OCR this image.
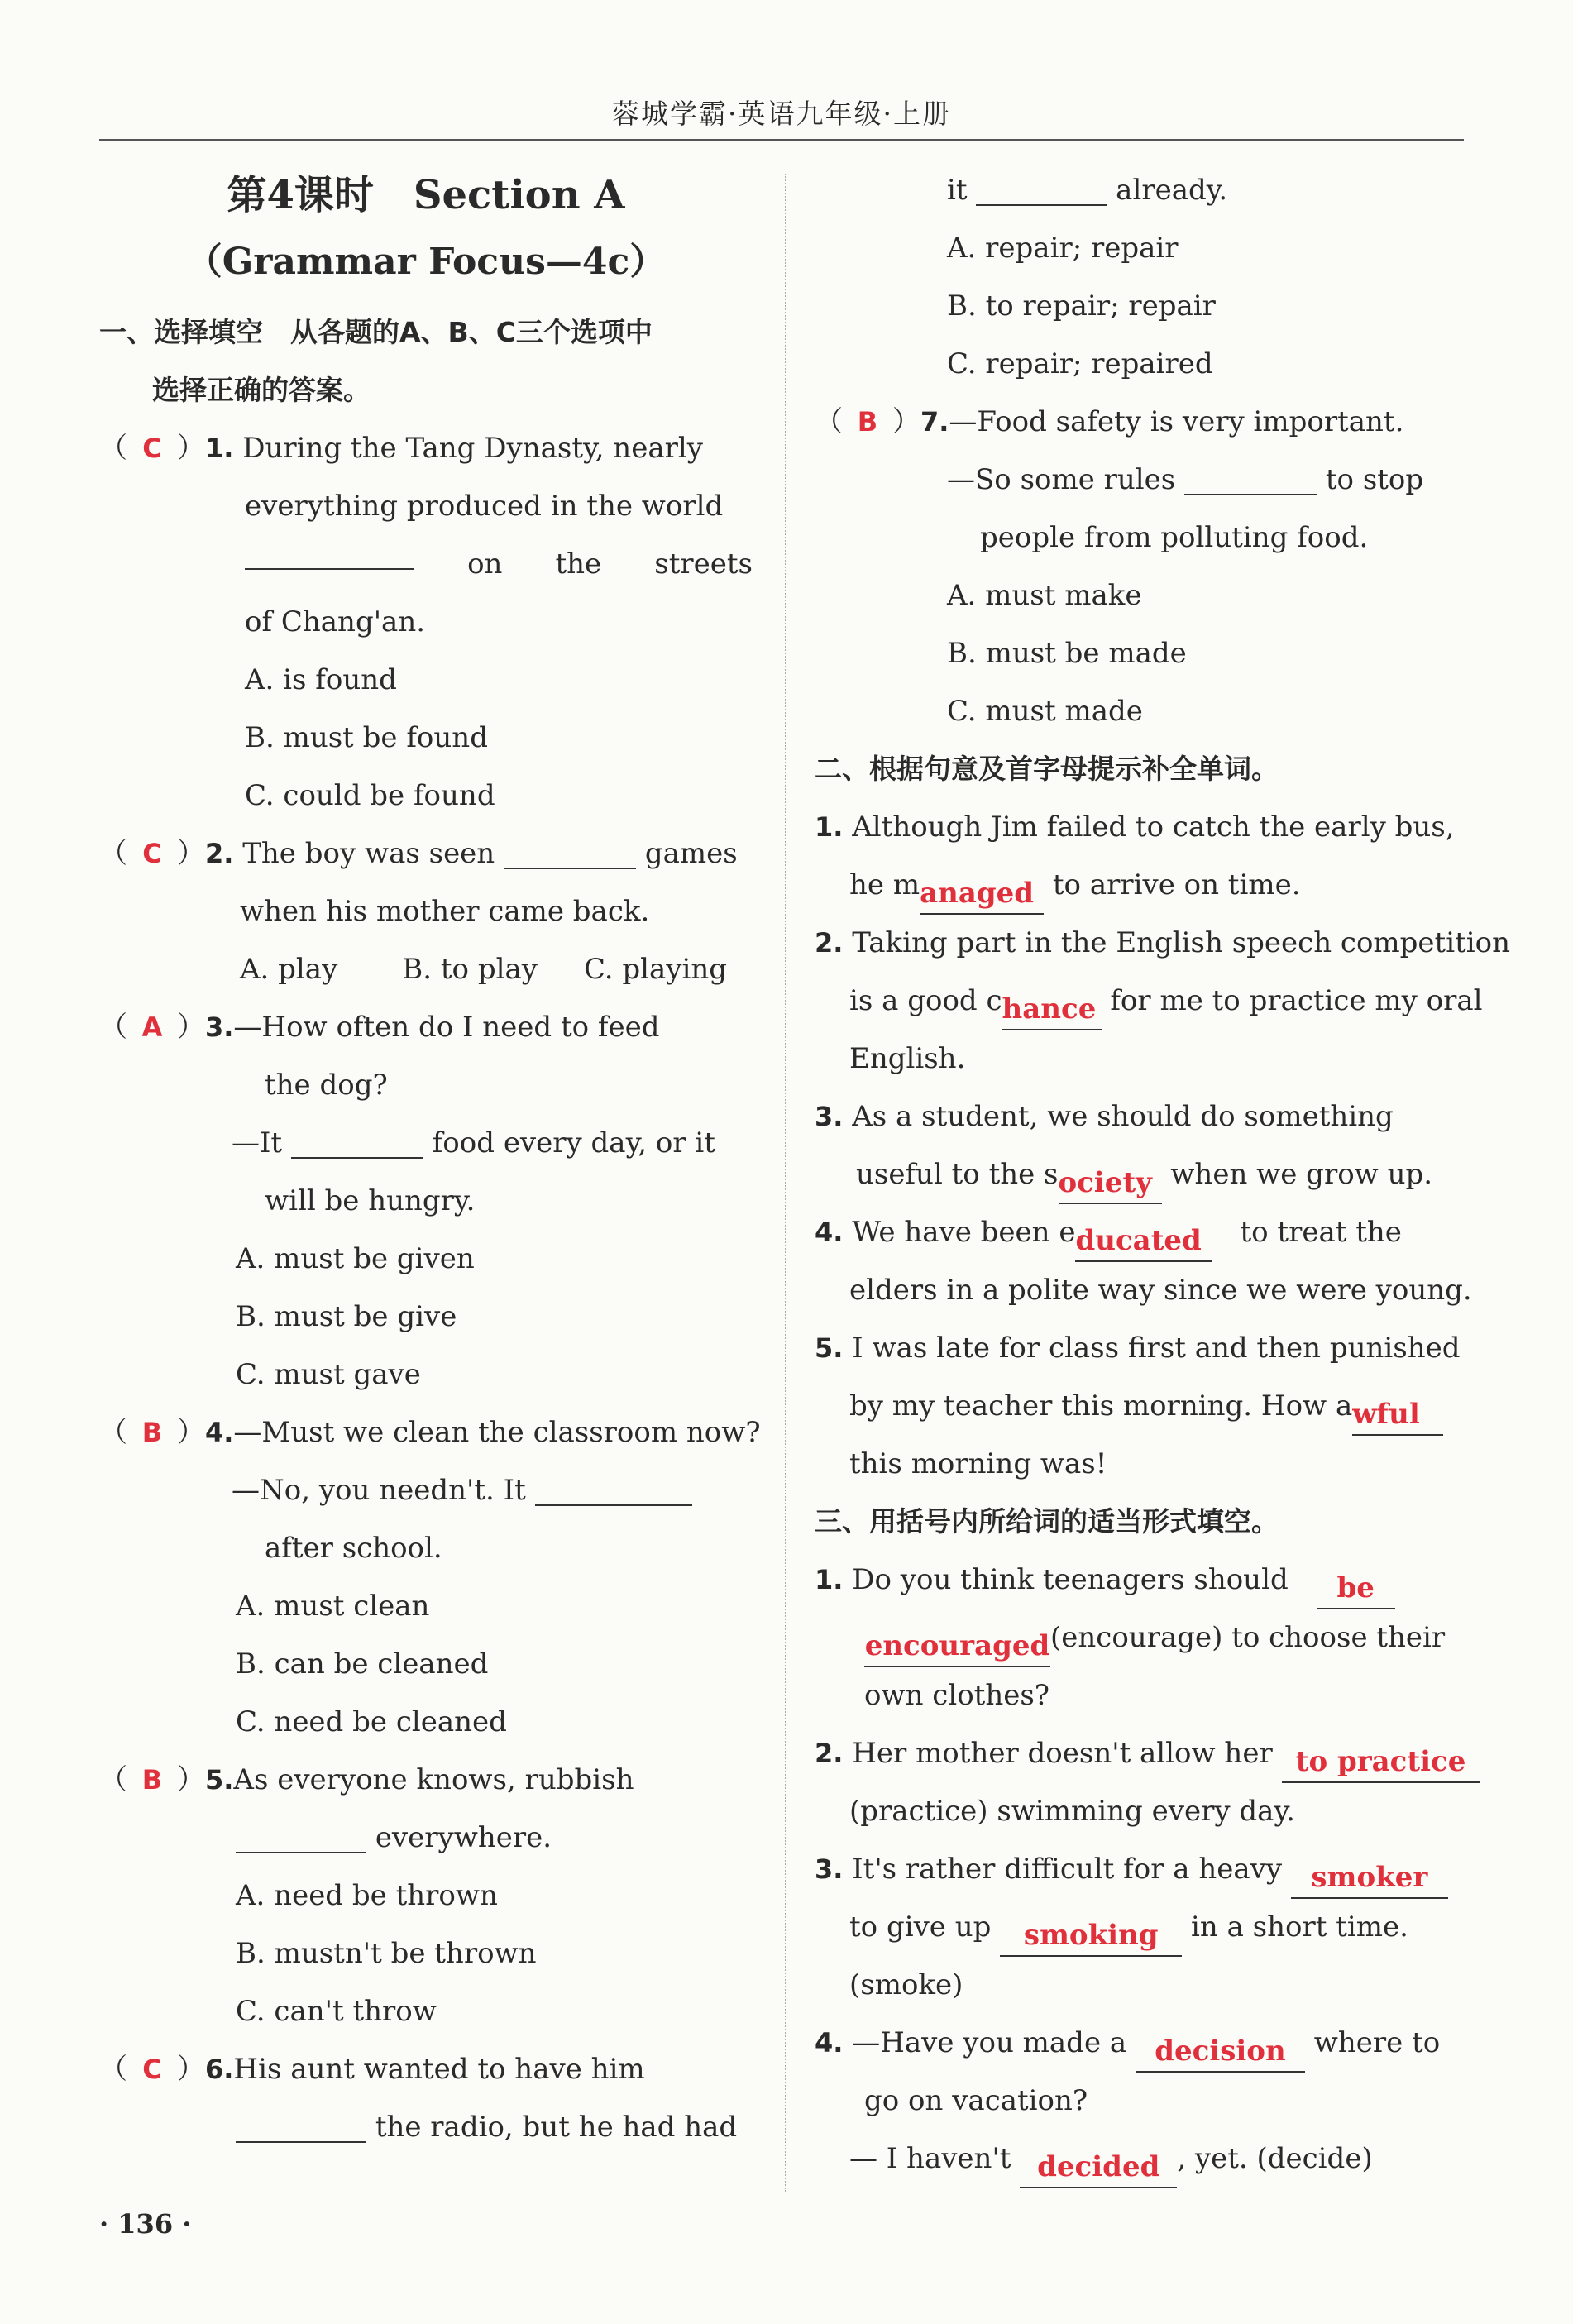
蓉城学霸·英语九年级·上册
第4课时　Section A
（Grammar Focus—4c）
一、选择填空　从各题的A、B、C三个选项中
选择正确的答案。
（ C ）1. During the Tang Dynasty, nearly
everything produced in the world
on the streets
of Chang'an.
A. is found
B. must be found
C. could be found
（ C ）2. The boy was seen	games
when his mother came back.
A. play B. to play C. playing
（ A ）3.—How often do I need to feed
the dog?
—It	food every day, or it
will be hungry.
A. must be given
B. must be give
C. must gave
（ B ）4.—Must we clean the classroom now?
—No, you needn't. It
after school.
A. must clean
B. can be cleaned
C. need be cleaned
（ B ）5.As everyone knows, rubbish
everywhere.
A. need be thrown
B. mustn't be thrown
C. can't throw
（ C ）6.His aunt wanted to have him
the radio, but he had had
it	already.
A. repair; repair
B. to repair; repair
C. repair; repaired
（ B ）7.—Food safety is very important.
—So some rules	to stop
people from polluting food.
A. must make
B. must be made
C. must made
二、根据句意及首字母提示补全单词。
1. Although Jim failed to catch the early bus,
he managed to arrive on time.
2. Taking part in the English speech competition
is a good chance for me to practice my oral
English.
3. As a student, we should do something
useful to the society when we grow up.
4. We have been educated　 to treat the
elders in a polite way since we were young.
5. I was late for class first and then punished
by my teacher this morning. How awful
this morning was!
三、用括号内所给词的适当形式填空。
1. Do you think teenagers should　 be
encouraged(encourage) to choose their
own clothes?
2. Her mother doesn't allow her to practice
(practice) swimming every day.
3. It's rather difficult for a heavy smoker
to give up smoking in a short time.
(smoke)
4. —Have you made a decision where to
go on vacation?
— I haven't decided , yet. (decide)
· 136 ·
